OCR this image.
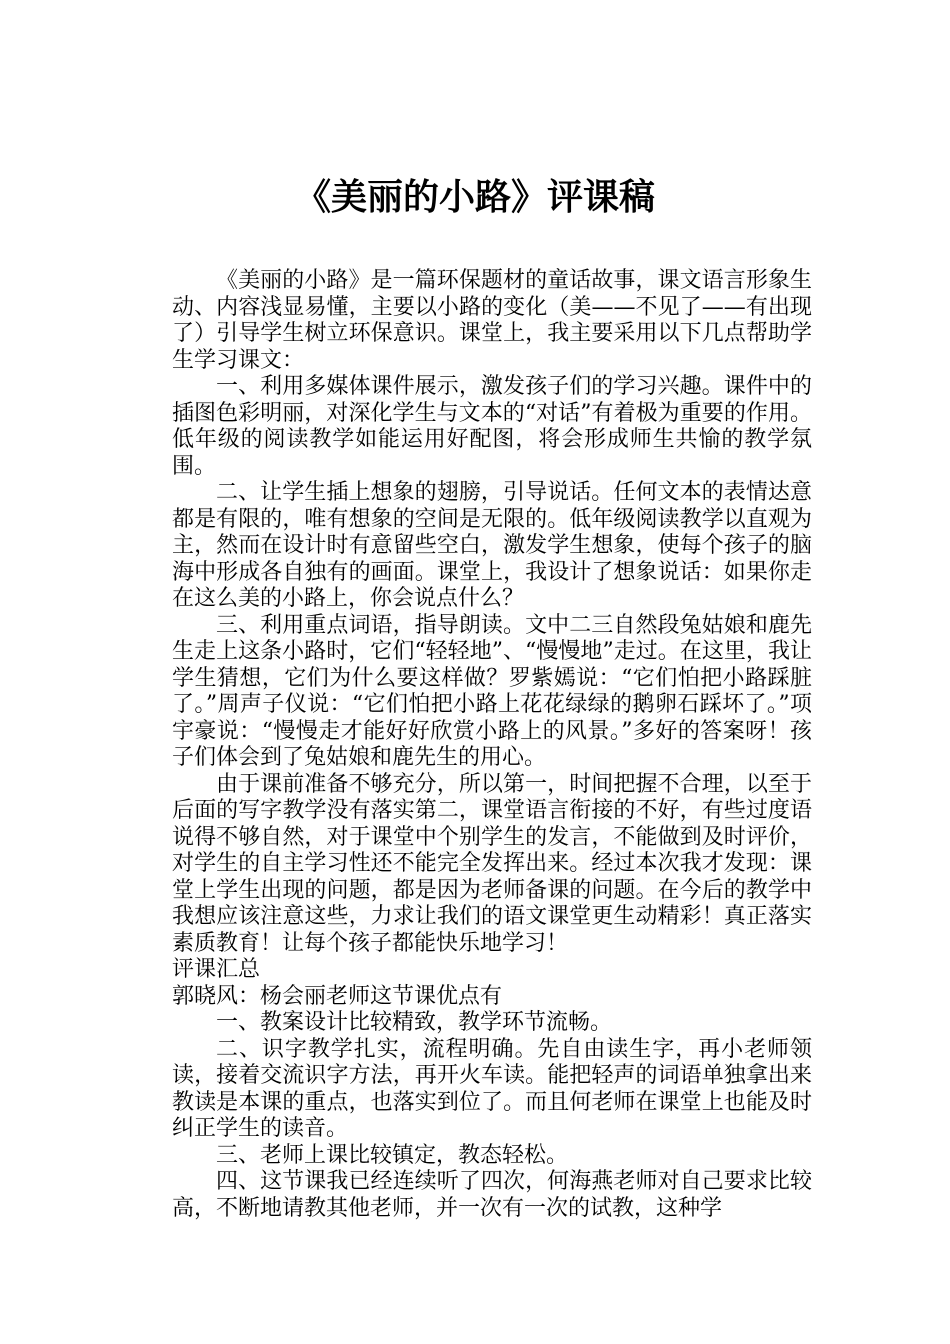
《美丽的小路》评课稿

《美丽的小路》是一篇环保题材的童话故事，课文语言形象生动、内容浅显易懂，主要以小路的变化（美——不见了——有出现了）引导学生树立环保意识。课堂上，我主要采用以下几点帮助学生学习课文：

一、利用多媒体课件展示，激发孩子们的学习兴趣。课件中的插图色彩明丽，对深化学生与文本的“对话”有着极为重要的作用。低年级的阅读教学如能运用好配图，将会形成师生共愉的教学氛围。

二、让学生插上想象的翅膀，引导说话。任何文本的表情达意都是有限的，唯有想象的空间是无限的。低年级阅读教学以直观为主，然而在设计时有意留些空白，激发学生想象，使每个孩子的脑海中形成各自独有的画面。课堂上，我设计了想象说话：如果你走在这么美的小路上，你会说点什么？

三、利用重点词语，指导朗读。文中二三自然段兔姑娘和鹿先生走上这条小路时，它们“轻轻地”、“慢慢地”走过。在这里，我让学生猜想，它们为什么要这样做？罗紫嫣说：“它们怕把小路踩脏了。”周声子仪说：“它们怕把小路上花花绿绿的鹅卵石踩坏了。”项宇豪说：“慢慢走才能好好欣赏小路上的风景。”多好的答案呀！孩子们体会到了兔姑娘和鹿先生的用心。

由于课前准备不够充分，所以第一，时间把握不合理，以至于后面的写字教学没有落实第二，课堂语言衔接的不好，有些过度语说得不够自然，对于课堂中个别学生的发言，不能做到及时评价，对学生的自主学习性还不能完全发挥出来。经过本次我才发现：课堂上学生出现的问题，都是因为老师备课的问题。在今后的教学中我想应该注意这些，力求让我们的语文课堂更生动精彩！真正落实素质教育！让每个孩子都能快乐地学习！

评课汇总

郭晓风：杨会丽老师这节课优点有

一、教案设计比较精致，教学环节流畅。

二、识字教学扎实，流程明确。先自由读生字，再小老师领读，接着交流识字方法，再开火车读。能把轻声的词语单独拿出来教读是本课的重点，也落实到位了。而且何老师在课堂上也能及时纠正学生的读音。

三、老师上课比较镇定，教态轻松。

四、这节课我已经连续听了四次，何海燕老师对自己要求比较高，不断地请教其他老师，并一次有一次的试教，这种学
